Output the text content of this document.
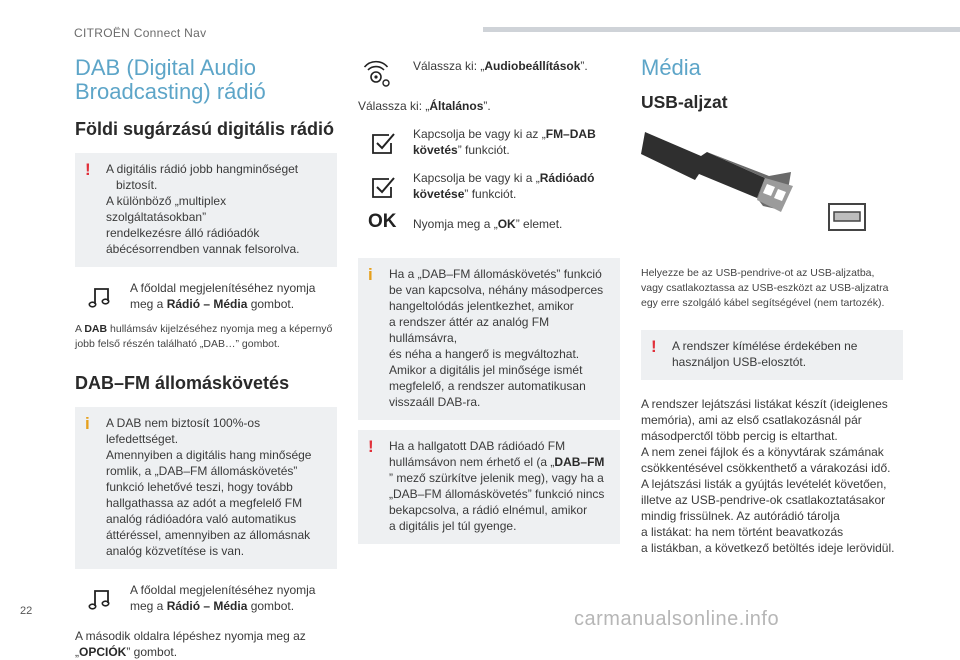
CITROËN Connect Nav
DAB (Digital Audio
Broadcasting) rádió
Földi sugárzású digitális rádió
! A digitális rádió jobb hangminőséget
biztosít.
A különböző „multiplex szolgáltatásokban”
rendelkezésre álló rádióadók
ábécésorrendben vannak felsorolva.
A főoldal megjelenítéséhez nyomja
meg a Rádió – Média gombot.
A DAB hullámsáv kijelzéséhez nyomja meg a képernyő
jobb felső részén található „DAB…” gombot.
DAB–FM állomáskövetés
i A DAB nem biztosít 100%-os
lefedettséget.
Amennyiben a digitális hang minősége
romlik, a „DAB–FM állomáskövetés”
funkció lehetővé teszi, hogy tovább
hallgathassa az adót a megfelelő FM
analóg rádióadóra való automatikus
áttéréssel, amennyiben az állomásnak
analóg közvetítése is van.
A főoldal megjelenítéséhez nyomja
meg a Rádió – Média gombot.
A második oldalra lépéshez nyomja meg az
„OPCIÓK” gombot.
Válassza ki: „Audiobeállítások”.
Válassza ki: „Általános”.
Kapcsolja be vagy ki az „FM–DAB
követés” funkciót.
Kapcsolja be vagy ki a „Rádióadó
követése” funkciót.
OK Nyomja meg a „OK” elemet.
i Ha a „DAB–FM állomáskövetés” funkció
be van kapcsolva, néhány másodperces
hangeltolódás jelentkezhet, amikor
a rendszer áttér az analóg FM hullámsávra,
és néha a hangerő is megváltozhat.
Amikor a digitális jel minősége ismét
megfelelő, a rendszer automatikusan
visszaáll DAB-ra.
! Ha a hallgatott DAB rádióadó FM
hullámsávon nem érhető el (a „DAB–FM
” mező szürkítve jelenik meg), vagy ha a
„DAB–FM állomáskövetés” funkció nincs
bekapcsolva, a rádió elnémul, amikor
a digitális jel túl gyenge.
Média
USB-aljzat
Helyezze be az USB-pendrive-ot az USB-aljzatba,
vagy csatlakoztassa az USB-eszközt az USB-aljzatra
egy erre szolgáló kábel segítségével (nem tartozék).
! A rendszer kímélése érdekében ne
használjon USB-elosztót.
A rendszer lejátszási listákat készít (ideiglenes
memória), ami az első csatlakozásnál pár
másodperctől több percig is eltarthat.
A nem zenei fájlok és a könyvtárak számának
csökkentésével csökkenthető a várakozási idő.
A lejátszási listák a gyújtás levételét követően,
illetve az USB-pendrive-ok csatlakoztatásakor
mindig frissülnek. Az autórádió tárolja
a listákat: ha nem történt beavatkozás
a listákban, a következő betöltés ideje lerövidül.
22	carmanualsonline.info
